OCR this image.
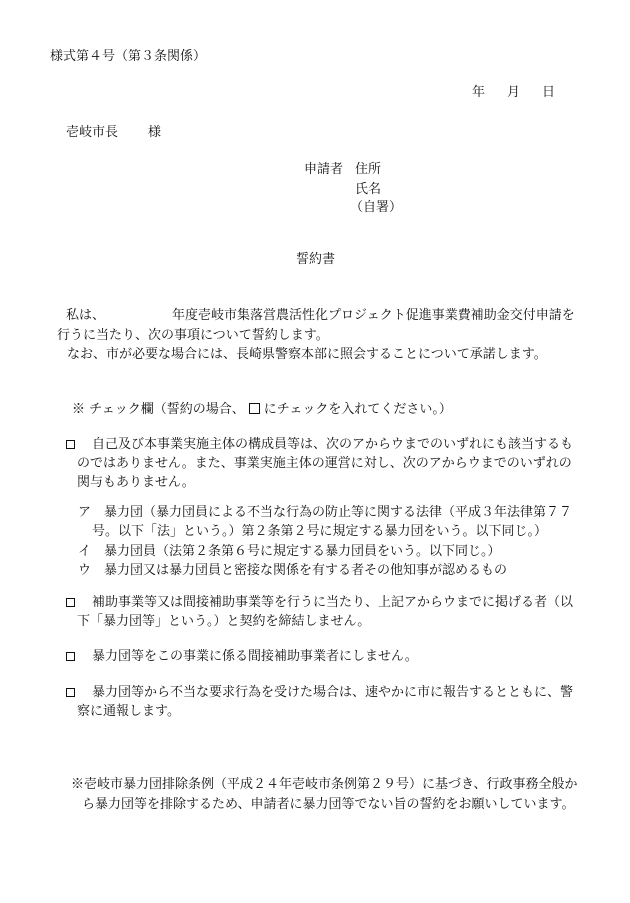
様式第４号（第３条関係）
年 月 日
壱岐市長 様
申請者 住所
氏名
（自署）
誓約書
私は、	年度壱岐市集落営農活性化プロジェクト促進事業費補助金交付申請を
行うに当たり、次の事項について誓約します。
なお、市が必要な場合には、長崎県警察本部に照会することについて承諾します。
※ チェック欄（誓約の場合、 にチェックを入れてください。）
自己及び本事業実施主体の構成員等は、次のアからウまでのいずれにも該当するも
のではありません。また、事業実施主体の運営に対し、次のアからウまでのいずれの
関与もありません。
ア 暴力団（暴力団員による不当な行為の防止等に関する法律（平成３年法律第７７
号。以下「法」という。）第２条第２号に規定する暴力団をいう。以下同じ。）
イ 暴力団員（法第２条第６号に規定する暴力団員をいう。以下同じ。）
ウ 暴力団又は暴力団員と密接な関係を有する者その他知事が認めるもの
補助事業等又は間接補助事業等を行うに当たり、上記アからウまでに掲げる者（以
下「暴力団等」という。）と契約を締結しません。
暴力団等をこの事業に係る間接補助事業者にしません。
暴力団等から不当な要求行為を受けた場合は、速やかに市に報告するとともに、警
察に通報します。
※壱岐市暴力団排除条例（平成２４年壱岐市条例第２９号）に基づき、行政事務全般か
ら暴力団等を排除するため、申請者に暴力団等でない旨の誓約をお願いしています。
